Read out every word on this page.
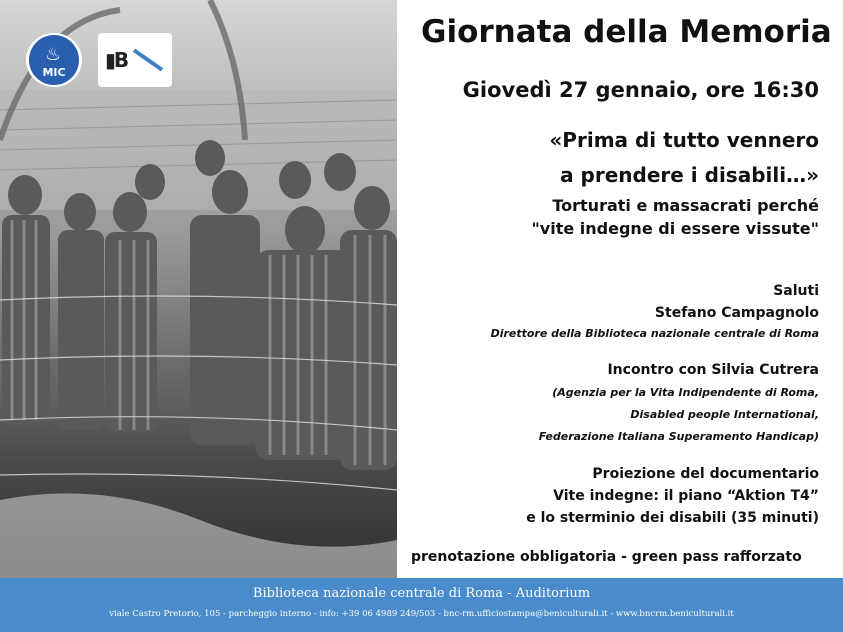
♨
MIC
▮B
Giornata della Memoria
Giovedì 27 gennaio, ore 16:30
«Prima di tutto vennero
a prendere i disabili…»
Torturati e massacrati perché
"vite indegne di essere vissute"
Saluti
Stefano Campagnolo
Direttore della Biblioteca nazionale centrale di Roma
Incontro con Silvia Cutrera
(Agenzia per la Vita Indipendente di Roma,
Disabled people International,
Federazione Italiana Superamento Handicap)
Proiezione del documentario
Vite indegne: il piano “Aktion T4”
e lo sterminio dei disabili (35 minuti)
prenotazione obbligatoria - green pass rafforzato
Biblioteca nazionale centrale di Roma - Auditorium
viale Castro Pretorio, 105 - parcheggio interno - info: +39 06 4989 249/503 - bnc-rm.ufficiostampa@beniculturali.it - www.bncrm.beniculturali.it
